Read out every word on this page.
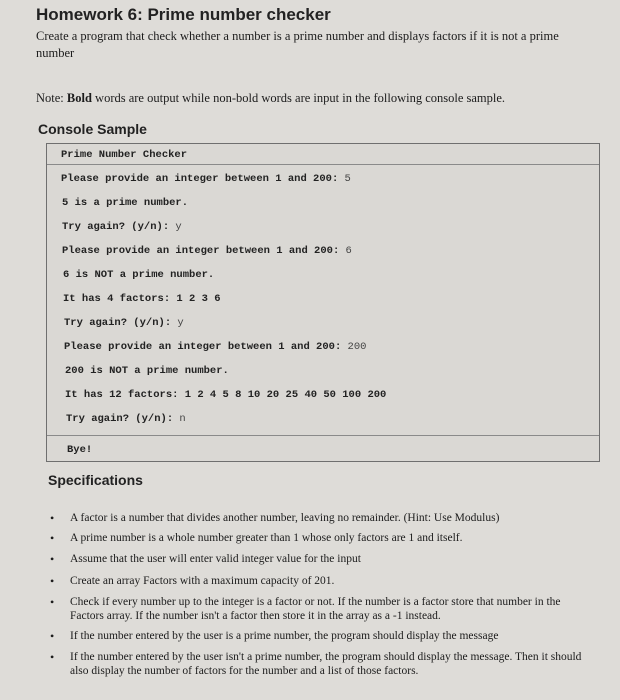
Homework 6: Prime number checker
Create a program that check whether a number is a prime number and displays factors if it is not a prime number
Note: Bold words are output while non-bold words are input in the following console sample.
Console Sample
Prime Number Checker
Please provide an integer between 1 and 200: 5
5 is a prime number.
Try again? (y/n): y
Please provide an integer between 1 and 200: 6
6 is NOT a prime number.
It has 4 factors: 1 2 3 6
Try again? (y/n): y
Please provide an integer between 1 and 200: 200
200 is NOT a prime number.
It has 12 factors: 1 2 4 5 8 10 20 25 40 50 100 200
Try again? (y/n): n
Bye!
Specifications
• A factor is a number that divides another number, leaving no remainder. (Hint: Use Modulus)
• A prime number is a whole number greater than 1 whose only factors are 1 and itself.
• Assume that the user will enter valid integer value for the input
• Create an array Factors with a maximum capacity of 201.
• Check if every number up to the integer is a factor or not. If the number is a factor store that number in the Factors array. If the number isn't a factor then store it in the array as a -1 instead.
• If the number entered by the user is a prime number, the program should display the message
• If the number entered by the user isn't a prime number, the program should display the message. Then it should also display the number of factors for the number and a list of those factors.
